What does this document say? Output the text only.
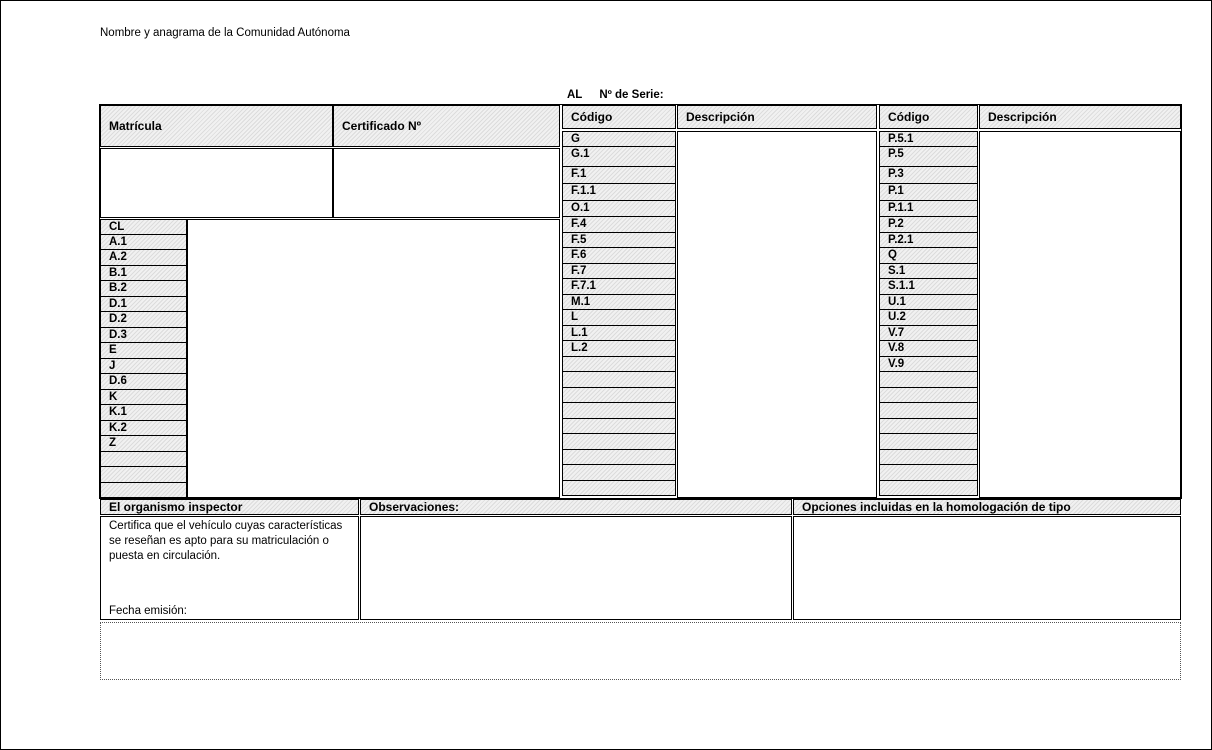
Nombre y anagrama de la Comunidad Autónoma
AL Nº de Serie:
Matrícula	Certificado Nº
CL
A.1
A.2
B.1
B.2
D.1
D.2
D.3
E
J
D.6
K
K.1
K.2
Z
Código	Descripción
G
G.1
F.1
F.1.1
O.1
F.4
F.5
F.6
F.7
F.7.1
M.1
L
L.1
L.2
Código	Descripción
P.5.1
P.5
P.3
P.1
P.1.1
P.2
P.2.1
Q
S.1
S.1.1
U.1
U.2
V.7
V.8
V.9
El organismo inspector	Observaciones:	Opciones incluidas en la homologación de tipo
Certifica que el vehículo cuyas características se reseñan es apto para su matriculación o puesta en circulación.
Fecha emisión:
